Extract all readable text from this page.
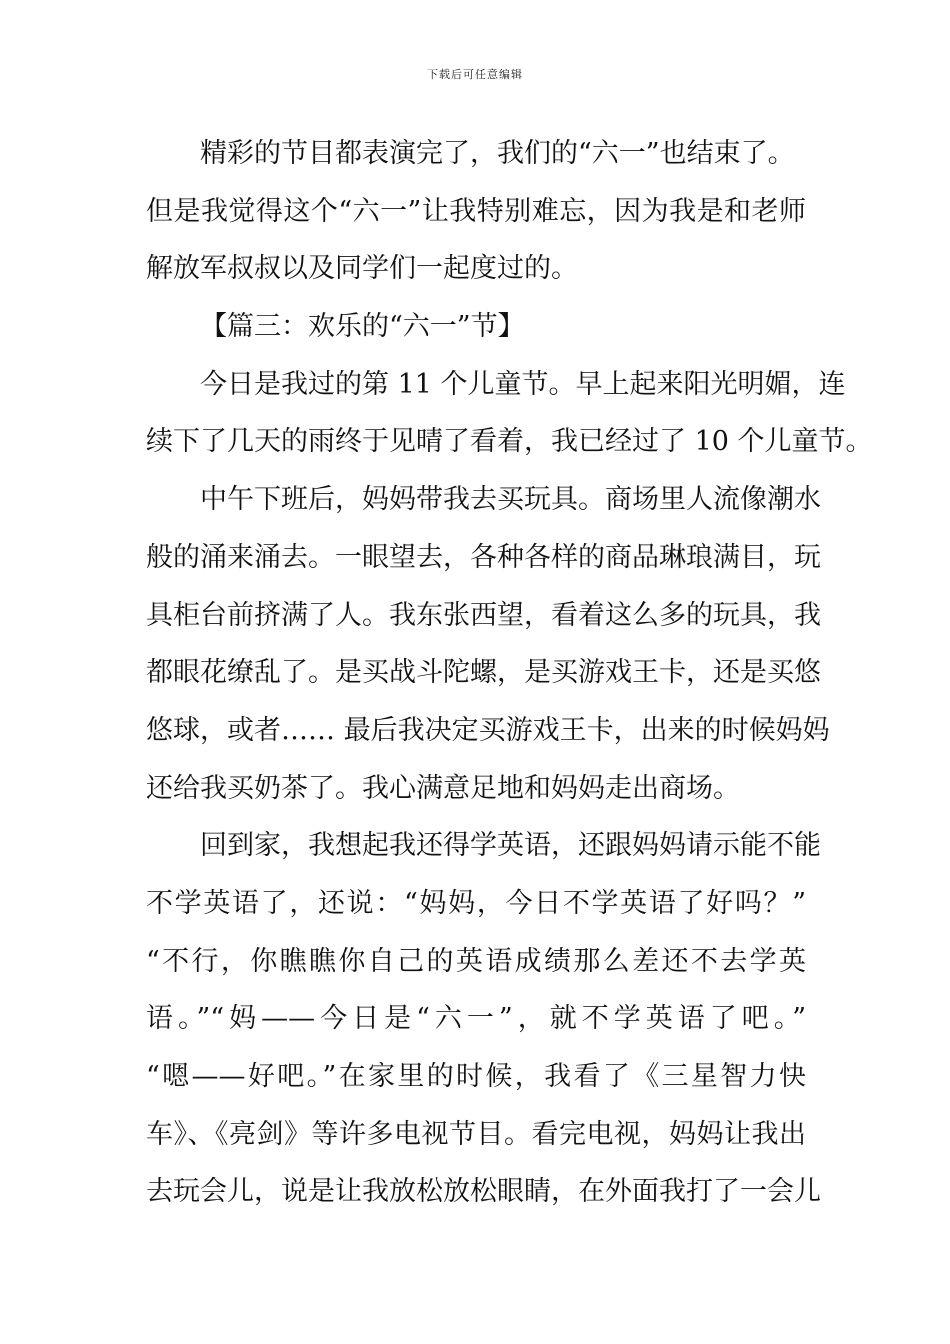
下载后可任意编辑
精彩的节目都表演完了，我们的“六一”也结束了。
但是我觉得这个“六一”让我特别难忘，因为我是和老师
解放军叔叔以及同学们一起度过的。
【篇三：欢乐的“六一”节】
今日是我过的第 11 个儿童节。早上起来阳光明媚，连
续下了几天的雨终于见晴了看着，我已经过了 10 个儿童节。
中午下班后，妈妈带我去买玩具。商场里人流像潮水
般的涌来涌去。一眼望去，各种各样的商品琳琅满目，玩
具柜台前挤满了人。我东张西望，看着这么多的玩具，我
都眼花缭乱了。是买战斗陀螺，是买游戏王卡，还是买悠
悠球，或者…… 最后我决定买游戏王卡，出来的时候妈妈
还给我买奶茶了。我心满意足地和妈妈走出商场。
回到家，我想起我还得学英语，还跟妈妈请示能不能
不学英语了，还说：“妈妈，今日不学英语了好吗？”
“不行，你瞧瞧你自己的英语成绩那么差还不去学英
语。”“妈——今日是“六一”，就不学英语了吧。”
“嗯——好吧。”在家里的时候，我看了《三星智力快
车》、《亮剑》等许多电视节目。看完电视，妈妈让我出
去玩会儿，说是让我放松放松眼睛，在外面我打了一会儿
